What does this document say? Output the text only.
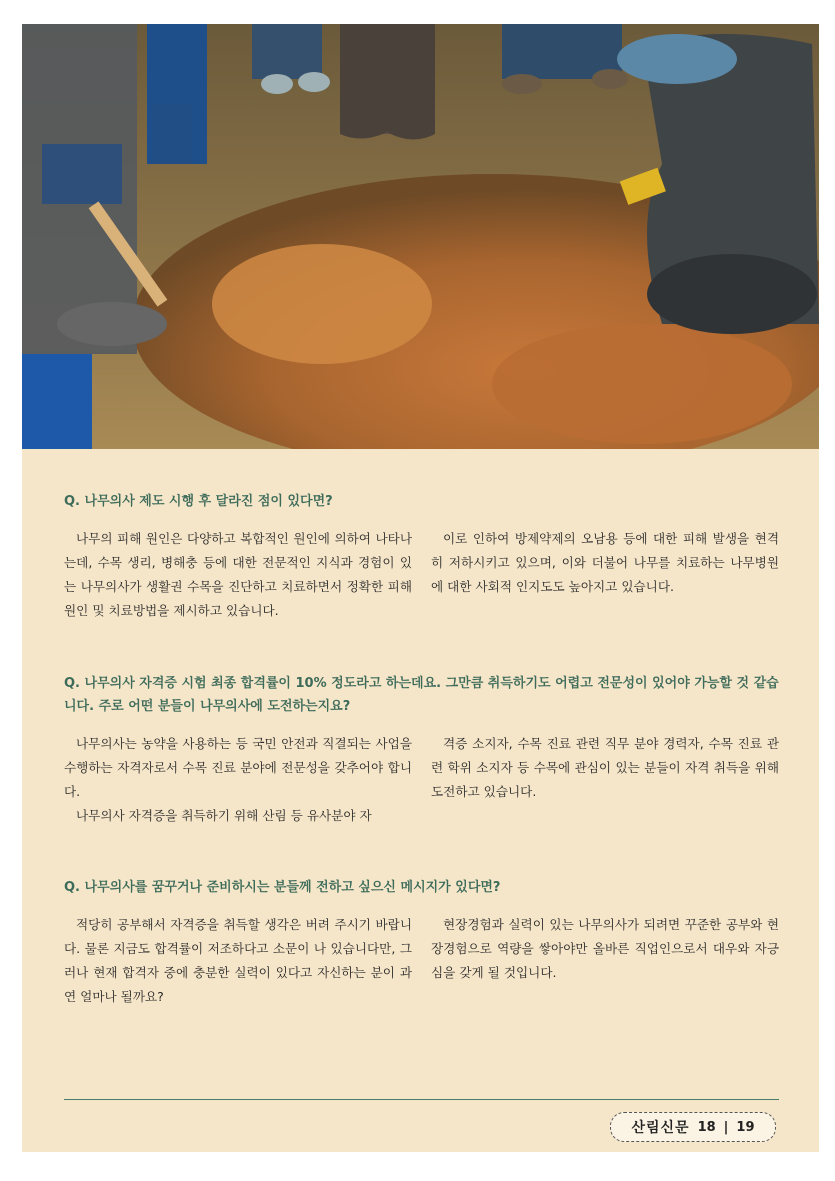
Q. 나무의사 제도 시행 후 달라진 점이 있다면?

나무의 피해 원인은 다양하고 복합적인 원인에 의하여 나타나는데, 수목 생리, 병해충 등에 대한 전문적인 지식과 경험이 있는 나무의사가 생활권 수목을 진단하고 치료하면서 정확한 피해 원인 및 치료방법을 제시하고 있습니다.

이로 인하여 방제약제의 오남용 등에 대한 피해 발생을 현격히 저하시키고 있으며, 이와 더불어 나무를 치료하는 나무병원에 대한 사회적 인지도도 높아지고 있습니다.

Q. 나무의사 자격증 시험 최종 합격률이 10% 정도라고 하는데요. 그만큼 취득하기도 어렵고 전문성이 있어야 가능할 것 같습니다. 주로 어떤 분들이 나무의사에 도전하는지요?

나무의사는 농약을 사용하는 등 국민 안전과 직결되는 사업을 수행하는 자격자로서 수목 진료 분야에 전문성을 갖추어야 합니다.

나무의사 자격증을 취득하기 위해 산림 등 유사분야 자

격증 소지자, 수목 진료 관련 직무 분야 경력자, 수목 진료 관련 학위 소지자 등 수목에 관심이 있는 분들이 자격 취득을 위해 도전하고 있습니다.

Q. 나무의사를 꿈꾸거나 준비하시는 분들께 전하고 싶으신 메시지가 있다면?

적당히 공부해서 자격증을 취득할 생각은 버려 주시기 바랍니다. 물론 지금도 합격률이 저조하다고 소문이 나 있습니다만, 그러나 현재 합격자 중에 충분한 실력이 있다고 자신하는 분이 과연 얼마나 될까요?

현장경험과 실력이 있는 나무의사가 되려면 꾸준한 공부와 현장경험으로 역량을 쌓아야만 올바른 직업인으로서 대우와 자긍심을 갖게 될 것입니다.

산림신문 18 | 19
